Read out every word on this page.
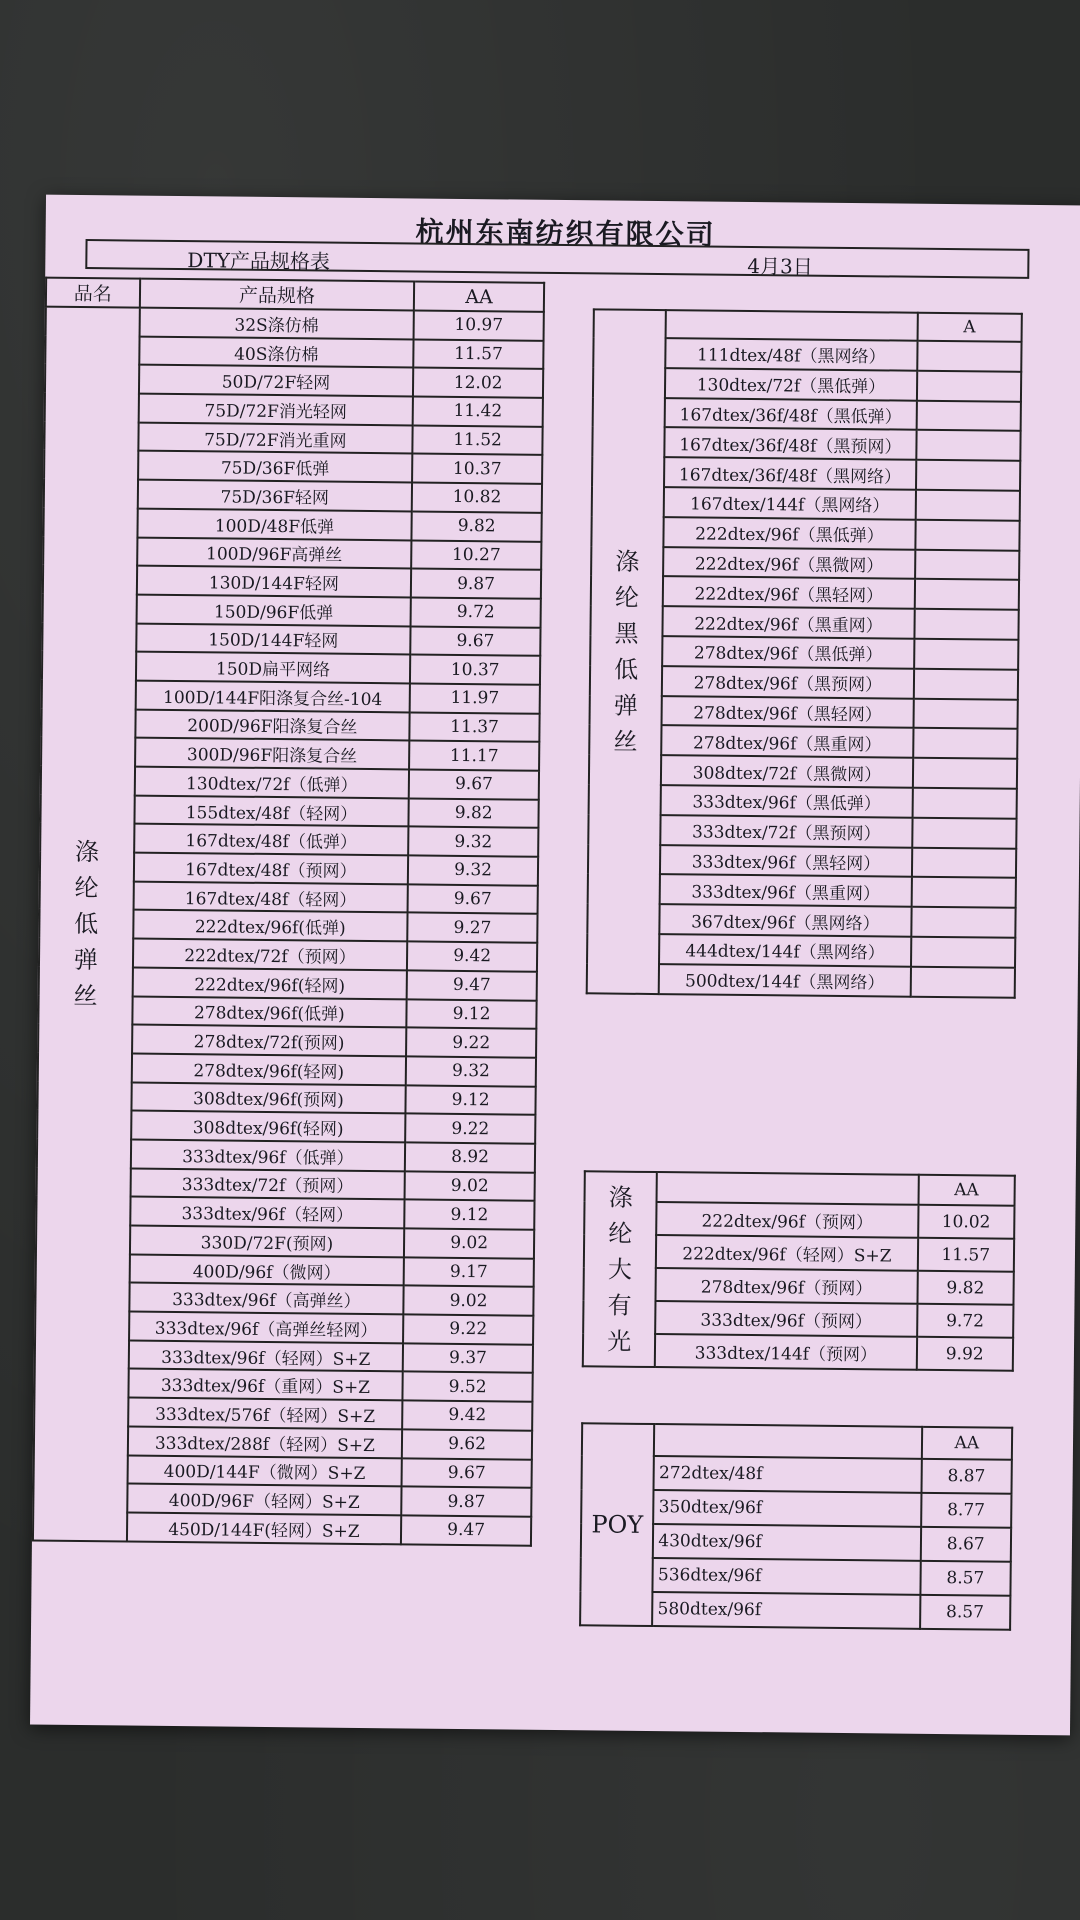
杭州东南纺织有限公司
DTY产品规格表	4月3日
品名	产品规格	AA
涤纶低弹丝	32S涤仿棉	10.97
	40S涤仿棉	11.57
	50D/72F轻网	12.02
	75D/72F消光轻网	11.42
	75D/72F消光重网	11.52
	75D/36F低弹	10.37
	75D/36F轻网	10.82
	100D/48F低弹	9.82
	100D/96F高弹丝	10.27
	130D/144F轻网	9.87
	150D/96F低弹	9.72
	150D/144F轻网	9.67
	150D扁平网络	10.37
	100D/144F阳涤复合丝-104	11.97
	200D/96F阳涤复合丝	11.37
	300D/96F阳涤复合丝	11.17
	130dtex/72f（低弹）	9.67
	155dtex/48f（轻网）	9.82
	167dtex/48f（低弹）	9.32
	167dtex/48f（预网）	9.32
	167dtex/48f（轻网）	9.67
	222dtex/96f(低弹)	9.27
	222dtex/72f（预网）	9.42
	222dtex/96f(轻网)	9.47
	278dtex/96f(低弹)	9.12
	278dtex/72f(预网)	9.22
	278dtex/96f(轻网)	9.32
	308dtex/96f(预网)	9.12
	308dtex/96f(轻网)	9.22
	333dtex/96f（低弹）	8.92
	333dtex/72f（预网）	9.02
	333dtex/96f（轻网）	9.12
	330D/72F(预网)	9.02
	400D/96f（微网）	9.17
	333dtex/96f（高弹丝）	9.02
	333dtex/96f（高弹丝轻网）	9.22
	333dtex/96f（轻网）S+Z	9.37
	333dtex/96f（重网）S+Z	9.52
	333dtex/576f（轻网）S+Z	9.42
	333dtex/288f（轻网）S+Z	9.62
	400D/144F（微网）S+Z	9.67
	400D/96F（轻网）S+Z	9.87
	450D/144F(轻网）S+Z	9.47
涤纶黑低弹丝		A
	111dtex/48f（黑网络）	
	130dtex/72f（黑低弹）	
	167dtex/36f/48f（黑低弹）	
	167dtex/36f/48f（黑预网）	
	167dtex/36f/48f（黑网络）	
	167dtex/144f（黑网络）	
	222dtex/96f（黑低弹）	
	222dtex/96f（黑微网）	
	222dtex/96f（黑轻网）	
	222dtex/96f（黑重网）	
	278dtex/96f（黑低弹）	
	278dtex/96f（黑预网）	
	278dtex/96f（黑轻网）	
	278dtex/96f（黑重网）	
	308dtex/72f（黑微网）	
	333dtex/96f（黑低弹）	
	333dtex/72f（黑预网）	
	333dtex/96f（黑轻网）	
	333dtex/96f（黑重网）	
	367dtex/96f（黑网络）	
	444dtex/144f（黑网络）	
	500dtex/144f（黑网络）	
涤纶大有光		AA
	222dtex/96f（预网）	10.02
	222dtex/96f（轻网）S+Z	11.57
	278dtex/96f（预网）	9.82
	333dtex/96f（预网）	9.72
	333dtex/144f（预网）	9.92
POY		AA
	272dtex/48f	8.87
	350dtex/96f	8.77
	430dtex/96f	8.67
	536dtex/96f	8.57
	580dtex/96f	8.57
